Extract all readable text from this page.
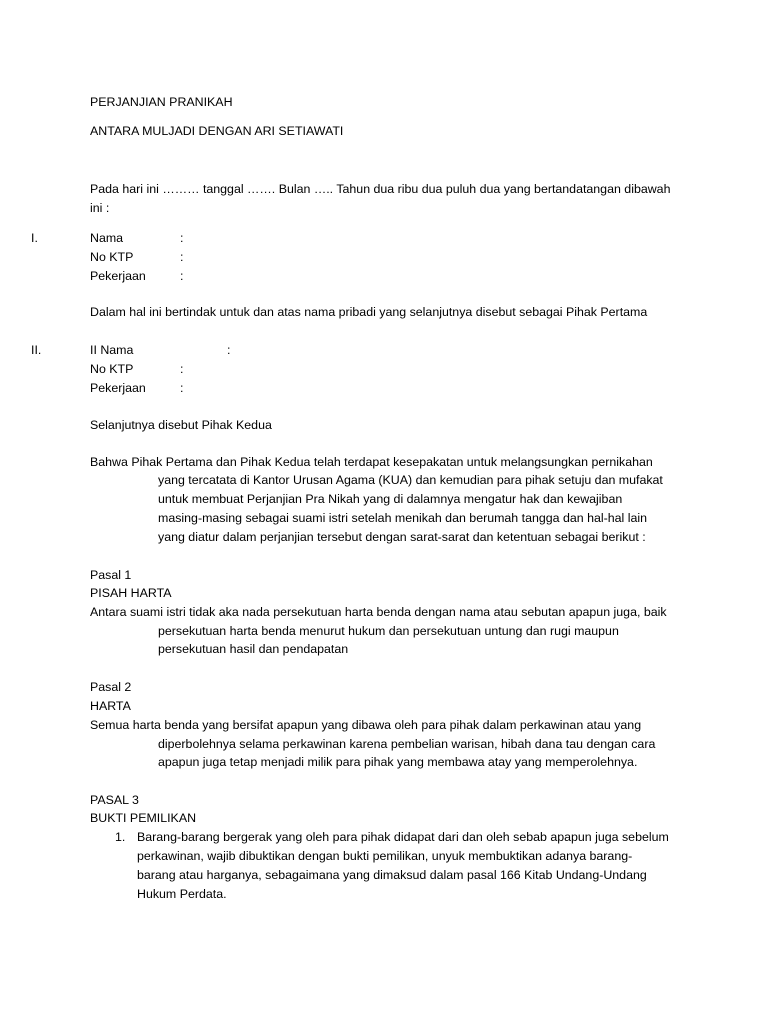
PERJANJIAN PRANIKAH
ANTARA MULJADI DENGAN ARI SETIAWATI
Pada hari ini ……… tanggal ……. Bulan ….. Tahun dua ribu dua puluh dua yang bertandatangan dibawah
ini :
I.	Nama	:
No KTP	:
Pekerjaan	:
Dalam hal ini bertindak untuk dan atas nama pribadi yang selanjutnya disebut sebagai Pihak Pertama
II.	II Nama	:
No KTP	:
Pekerjaan	:
Selanjutnya disebut Pihak Kedua
Bahwa Pihak Pertama dan Pihak Kedua telah terdapat kesepakatan untuk melangsungkan pernikahan
yang tercatata di Kantor Urusan Agama (KUA) dan kemudian para pihak setuju dan mufakat
untuk membuat Perjanjian Pra Nikah yang di dalamnya mengatur hak dan kewajiban
masing-masing sebagai suami istri setelah menikah dan berumah tangga dan hal-hal lain
yang diatur dalam perjanjian tersebut dengan sarat-sarat dan ketentuan sebagai berikut :
Pasal 1
PISAH HARTA
Antara suami istri tidak aka nada persekutuan harta benda dengan nama atau sebutan apapun juga, baik
persekutuan harta benda menurut hukum dan persekutuan untung dan rugi maupun
persekutuan hasil dan pendapatan
Pasal 2
HARTA
Semua harta benda yang bersifat apapun yang dibawa oleh para pihak dalam perkawinan atau yang
diperbolehnya selama perkawinan karena pembelian warisan, hibah dana tau dengan cara
apapun juga tetap menjadi milik para pihak yang membawa atay yang memperolehnya.
PASAL 3
BUKTI PEMILIKAN
1. Barang-barang bergerak yang oleh para pihak didapat dari dan oleh sebab apapun juga sebelum
perkawinan, wajib dibuktikan dengan bukti pemilikan, unyuk membuktikan adanya barang-
barang atau harganya, sebagaimana yang dimaksud dalam pasal 166 Kitab Undang-Undang
Hukum Perdata.
